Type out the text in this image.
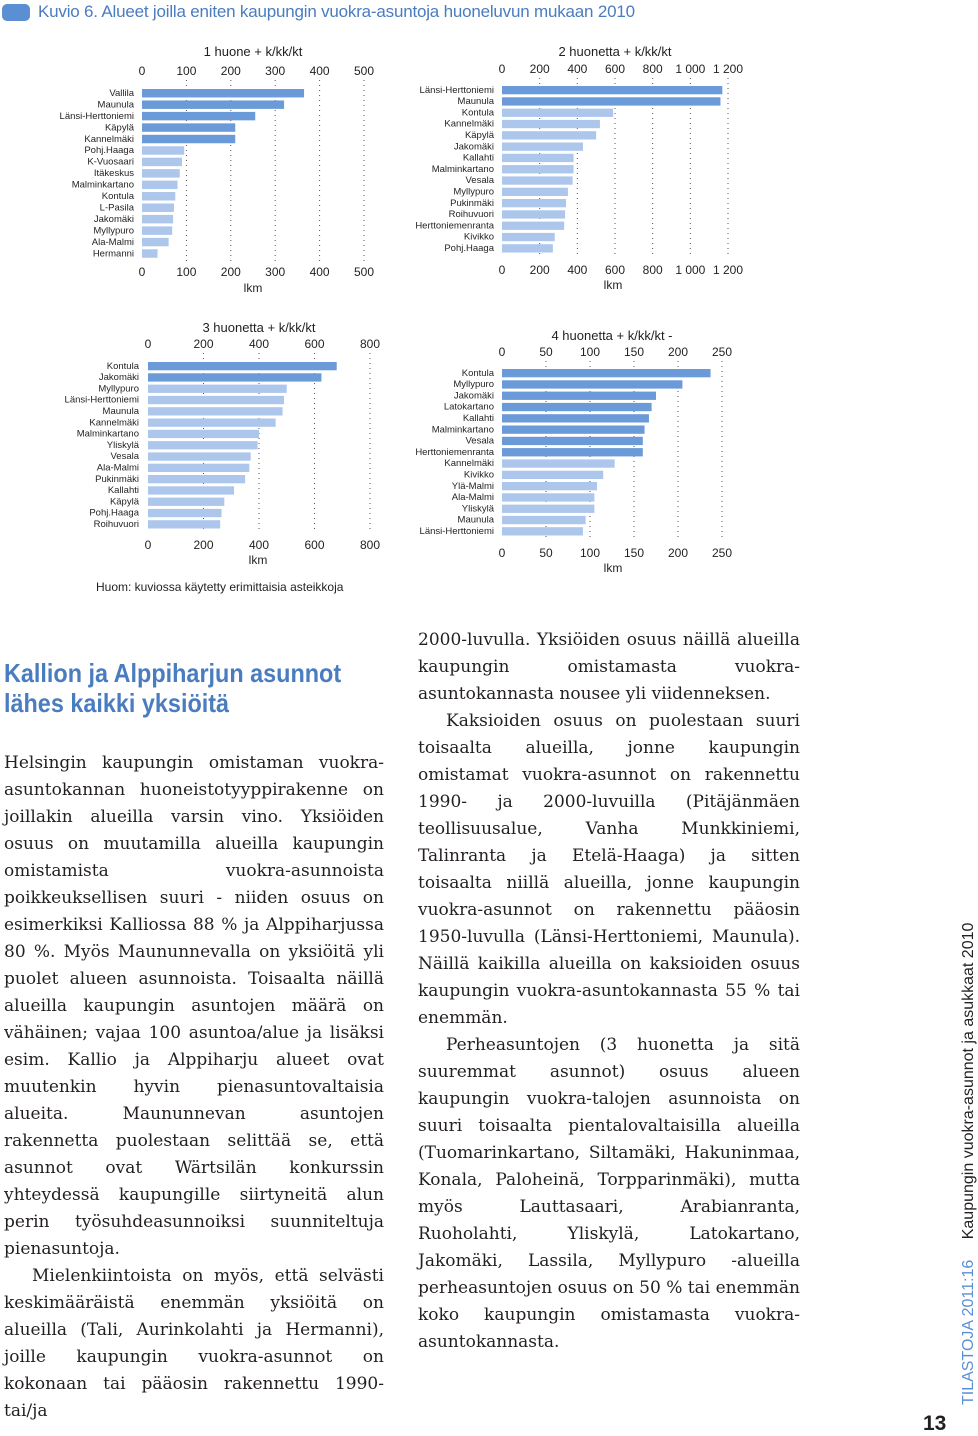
Kuvio 6. Alueet joilla eniten kaupungin vuokra-asuntoja huoneluvun mukaan 2010
1 huone + k/kk/kt
0
0
100
100
200
200
300
300
400
400
500
500
Vallila
Maunula
Länsi-Herttoniemi
Käpylä
Kannelmäki
Pohj.Haaga
K-Vuosaari
Itäkeskus
Malminkartano
Kontula
L-Pasila
Jakomäki
Myllypuro
Ala-Malmi
Hermanni
lkm
2 huonetta + k/kk/kt
0
0
200
200
400
400
600
600
800
800
1 000
1 000
1 200
1 200
Länsi-Herttoniemi
Maunula
Kontula
Kannelmäki
Käpylä
Jakomäki
Kallahti
Malminkartano
Vesala
Myllypuro
Pukinmäki
Roihuvuori
Herttoniemenranta
Kivikko
Pohj.Haaga
lkm
3 huonetta + k/kk/kt
0
0
200
200
400
400
600
600
800
800
Kontula
Jakomäki
Myllypuro
Länsi-Herttoniemi
Maunula
Kannelmäki
Malminkartano
Yliskylä
Vesala
Ala-Malmi
Pukinmäki
Kallahti
Käpylä
Pohj.Haaga
Roihuvuori
lkm
4 huonetta + k/kk/kt -
0
0
50
50
100
100
150
150
200
200
250
250
Kontula
Myllypuro
Jakomäki
Latokartano
Kallahti
Malminkartano
Vesala
Herttoniemenranta
Kannelmäki
Kivikko
Ylä-Malmi
Ala-Malmi
Yliskylä
Maunula
Länsi-Herttoniemi
lkm
Huom: kuviossa käytetty erimittaisia asteikkoja
Kallion ja Alppiharjun asunnot lähes kaikki yksiöitä

Helsingin kaupungin omistaman vuokra-asuntokannan huoneistotyyppirakenne on joillakin alueilla varsin vino. Yksiöiden osuus on muutamilla alueilla kaupungin omistamista vuokra-asunnoista poikkeuksellisen suuri - niiden osuus on esimerkiksi Kalliossa 88 % ja Alppiharjussa 80 %. Myös Maununnevalla on yksiöitä yli puolet alueen asunnoista. Toisaalta näillä alueilla kaupungin asuntojen määrä on vähäinen; vajaa 100 asuntoa/alue ja lisäksi esim. Kallio ja Alppiharju alueet ovat muutenkin hyvin pienasuntovaltaisia alueita. Maununnevan asuntojen rakennetta puolestaan selittää se, että asunnot ovat Wärtsilän konkurssin yhteydessä kaupungille siirtyneitä alun perin työsuhdeasunnoiksi suunniteltuja pienasuntoja.

Mielenkiintoista on myös, että selvästi keskimääräistä enemmän yksiöitä on alueilla (Tali, Aurinkolahti ja Hermanni), joille kaupungin vuokra-asunnot on kokonaan tai pääosin rakennettu 1990-tai/ja

2000-luvulla. Yksiöiden osuus näillä alueilla kaupungin omistamasta vuokra-asuntokannasta nousee yli viidenneksen.

Kaksioiden osuus on puolestaan suuri toisaalta alueilla, jonne kaupungin omistamat vuokra-asunnot on rakennettu 1990- ja 2000-luvuilla (Pitäjänmäen teollisuusalue, Vanha Munkkiniemi, Talinranta ja Etelä-Haaga) ja sitten toisaalta niillä alueilla, jonne kaupungin vuokra-asunnot on rakennettu pääosin 1950-luvulla (Länsi-Herttoniemi, Maunula). Näillä kaikilla alueilla on kaksioiden osuus kaupungin vuokra-asuntokannasta 55 % tai enemmän.

Perheasuntojen (3 huonetta ja sitä suuremmat asunnot) osuus alueen kaupungin vuokra-talojen asunnoista on suuri toisaalta pientalovaltaisilla alueilla (Tuomarinkartano, Siltamäki, Hakuninmaa, Konala, Paloheinä, Torpparinmäki), mutta myös Lauttasaari, Arabianranta, Ruoholahti, Yliskylä, Latokartano, Jakomäki, Lassila, Myllypuro -alueilla perheasuntojen osuus on 50 % tai enemmän koko kaupungin omistamasta vuokra-asuntokannasta.	TILASTOJA 2011:16 Kaupungin vuokra-asunnot ja asukkaat 2010
13
